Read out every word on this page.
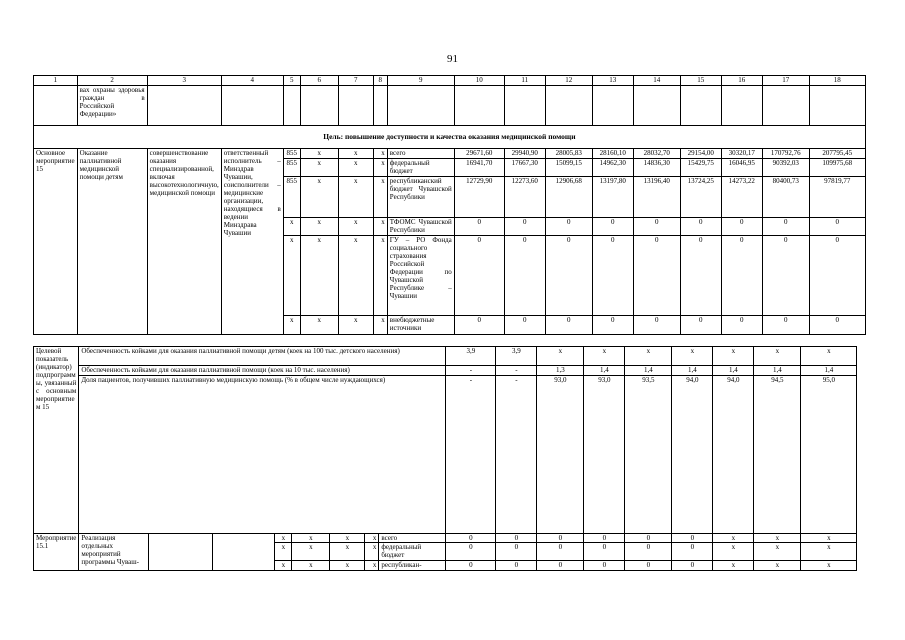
91
1	2	3	4	5	6	7	8	9	10	11	12	13	14	15	16	17	18
	вах охраны здоровья граждан в Российской Федерации»																
Цель: повышение доступности и качества оказания медицинской помощи																	
Основное мероприятие 15	Оказание паллиативной медицинской помощи детям	совершенствование оказания специализированной, включая высокотехнологичную, медицинской помощи	ответственный исполнитель – Минздрав Чувашии, соисполнители – медицинские организации, находящиеся в ведении Минздрава Чувашии	855	х	х	х	всего	29671,60	29940,90	28005,83	28160,10	28032,70	29154,00	30320,17	170792,76	207795,45
				855	х	х	х	федеральный бюджет	16941,70	17667,30	15099,15	14962,30	14836,30	15429,75	16046,95	90392,03	109975,68
				855	х	х	х	республиканский бюджет Чувашской Республики	12729,90	12273,60	12906,68	13197,80	13196,40	13724,25	14273,22	80400,73	97819,77
				х	х	х	х	ТФОМС Чувашской Республики	0	0	0	0	0	0	0	0	0
				х	х	х	х	ГУ – РО Фонда социального страхования Российской Федерации по Чувашской Республике – Чувашии	0	0	0	0	0	0	0	0	0
				х	х	х	х	внебюджетные источники	0	0	0	0	0	0	0	0	0
Целевой показатель (индикатор) подпрограммы, увязанный с основным мероприятием 15	Обеспеченность койками для оказания паллиативной помощи детям (коек на 100 тыс. детского населения)								3,9	3,9	х	х	х	х	х	х	х
	Обеспеченность койками для оказания паллиативной помощи (коек на 10 тыс. населения)								-	-	1,3	1,4	1,4	1,4	1,4	1,4	1,4
	Доля пациентов, получивших паллиативную медицинскую помощь (% в общем числе нуждающихся)								-	-	93,0	93,0	93,5	94,0	94,0	94,5	95,0
Мероприятие 15.1	Реализация отдельных мероприятий программы Чуваш-			х	х	х	х	всего	0	0	0	0	0	0	х	х	х
				х	х	х	х	федеральный бюджет	0	0	0	0	0	0	х	х	х
				х	х	х	х	республикан-	0	0	0	0	0	0	х	х	х
